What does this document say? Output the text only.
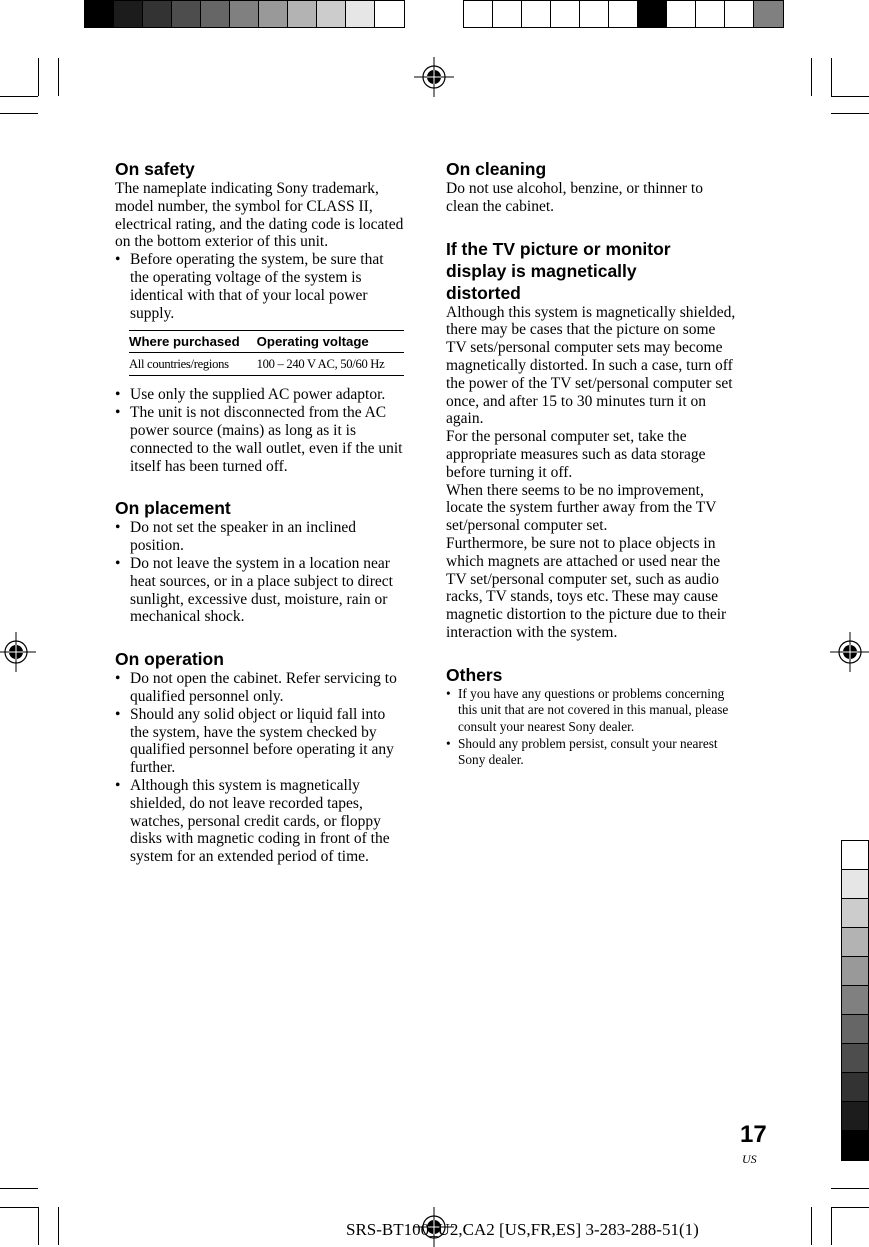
On safety

The nameplate indicating Sony trademark, model number, the symbol for CLASS II, electrical rating, and the dating code is located on the bottom exterior of this unit.

• Before operating the system, be sure that the operating voltage of the system is identical with that of your local power supply.
Where purchased	Operating voltage
All countries/regions	100 – 240 V AC, 50/60 Hz
• Use only the supplied AC power adaptor.
• The unit is not disconnected from the AC power source (mains) as long as it is connected to the wall outlet, even if the unit itself has been turned off.
On placement
• Do not set the speaker in an inclined position.
• Do not leave the system in a location near heat sources, or in a place subject to direct sunlight, excessive dust, moisture, rain or mechanical shock.
On operation
• Do not open the cabinet. Refer servicing to qualified personnel only.
• Should any solid object or liquid fall into the system, have the system checked by qualified personnel before operating it any further.
• Although this system is magnetically shielded, do not leave recorded tapes, watches, personal credit cards, or floppy disks with magnetic coding in front of the system for an extended period of time.
On cleaning

Do not use alcohol, benzine, or thinner to clean the cabinet.

If the TV picture or monitor display is magnetically distorted

Although this system is magnetically shielded, there may be cases that the picture on some TV sets/personal computer sets may become magnetically distorted. In such a case, turn off the power of the TV set/personal computer set once, and after 15 to 30 minutes turn it on again.

For the personal computer set, take the appropriate measures such as data storage before turning it off.

When there seems to be no improvement, locate the system further away from the TV set/personal computer set.

Furthermore, be sure not to place objects in which magnets are attached or used near the TV set/personal computer set, such as audio racks, TV stands, toys etc. These may cause magnetic distortion to the picture due to their interaction with the system.

Others
• If you have any questions or problems concerning this unit that are not covered in this manual, please consult your nearest Sony dealer.
• Should any problem persist, consult your nearest Sony dealer.
17
US
SRS-BT100_U2,CA2 [US,FR,ES] 3-283-288-51(1)
